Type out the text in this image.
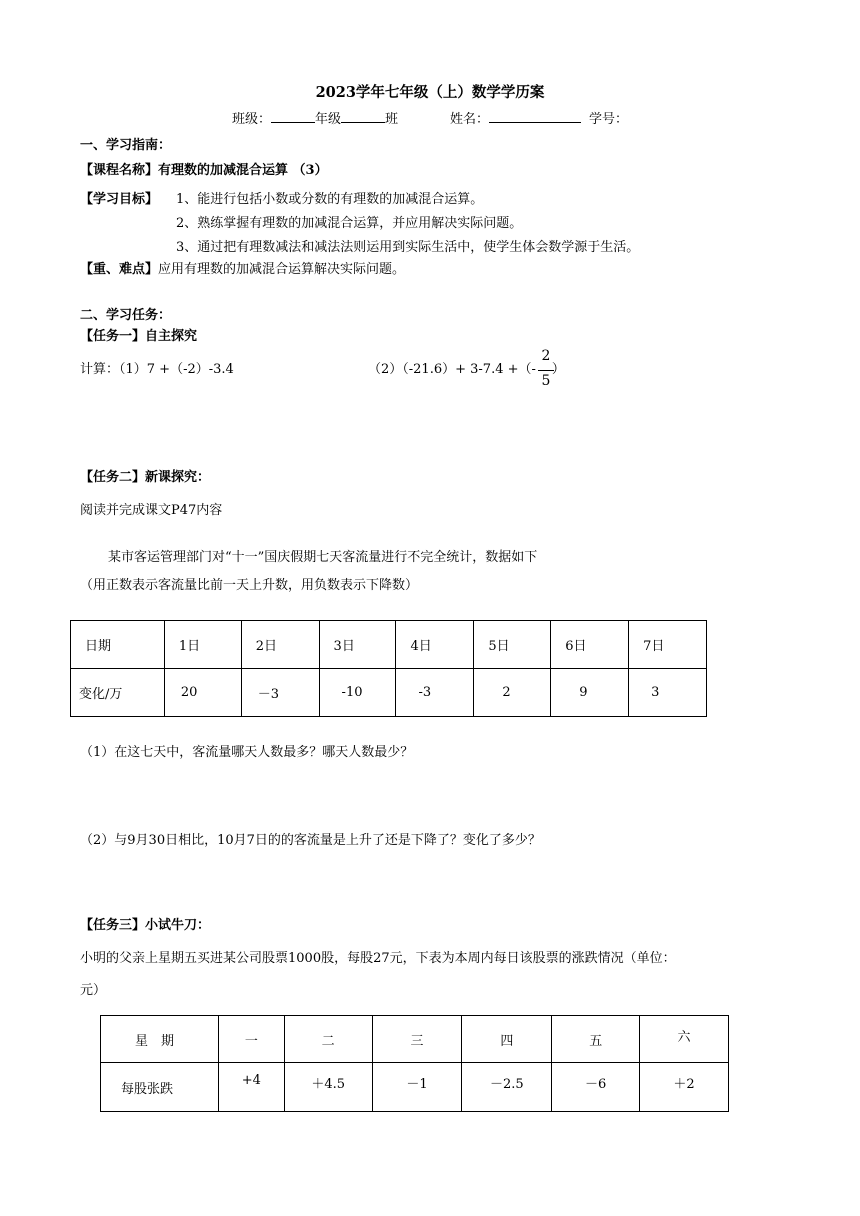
2023学年七年级（上）数学学历案
班级：	年级	班	姓名：	学号：
一、学习指南：
【课程名称】有理数的加减混合运算 （3）
【学习目标】 1、能进行包括小数或分数的有理数的加减混合运算。
2、熟练掌握有理数的加减混合运算，并应用解决实际问题。
3、通过把有理数减法和减法法则运用到实际生活中，使学生体会数学源于生活。
【重、难点】应用有理数的加减混合运算解决实际问题。
二、学习任务：
【任务一】自主探究
计算：（1）7 +（-2）-3.4	（2）（-21.6）+ 3-7.4 +（- ）
2
5
【任务二】新课探究：
阅读并完成课文P47内容
某市客运管理部门对“十一”国庆假期七天客流量进行不完全统计，数据如下
（用正数表示客流量比前一天上升数，用负数表示下降数）
日期	1日	2日	3日	4日	5日	6日	7日

变化/万	20	－3	-10	-3	2	9	3
（1）在这七天中，客流量哪天人数最多？哪天人数最少？
（2）与9月30日相比，10月7日的的客流量是上升了还是下降了？变化了多少？
【任务三】小试牛刀：
小明的父亲上星期五买进某公司股票1000股，每股27元，下表为本周内每日该股票的涨跌情况（单位：
元）
星　期	一	二	三	四	五	六

每股张跌	+4	＋4.5	－1	－2.5	－6	＋2
